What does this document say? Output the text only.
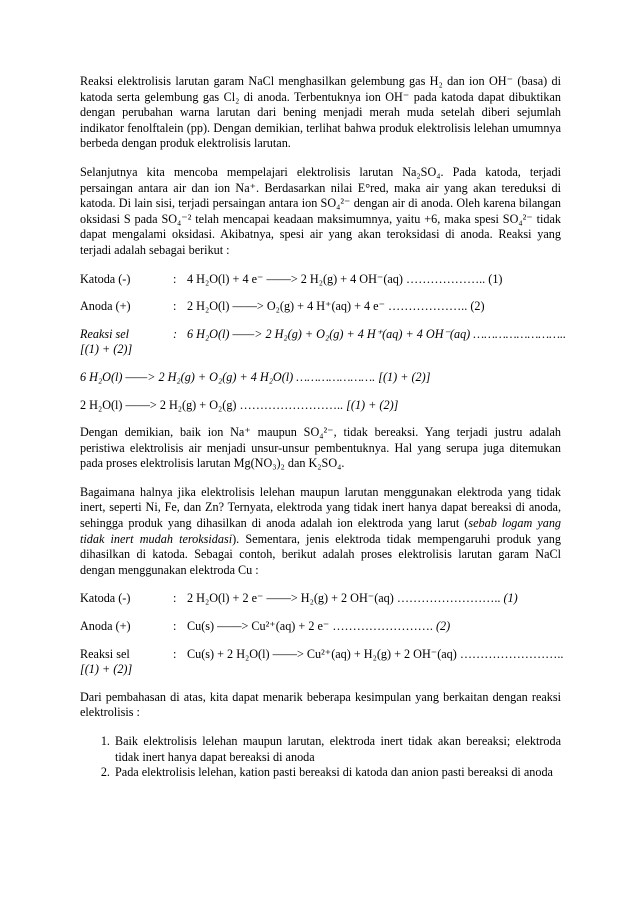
Reaksi elektrolisis larutan garam NaCl menghasilkan gelembung gas H₂ dan ion OH⁻ (basa) di katoda serta gelembung gas Cl₂ di anoda. Terbentuknya ion OH⁻ pada katoda dapat dibuktikan dengan perubahan warna larutan dari bening menjadi merah muda setelah diberi sejumlah indikator fenolftalein (pp). Dengan demikian, terlihat bahwa produk elektrolisis lelehan umumnya berbeda dengan produk elektrolisis larutan.

Selanjutnya kita mencoba mempelajari elektrolisis larutan Na₂SO₄. Pada katoda, terjadi persaingan antara air dan ion Na⁺. Berdasarkan nilai E°red, maka air yang akan tereduksi di katoda. Di lain sisi, terjadi persaingan antara ion SO₄²⁻ dengan air di anoda. Oleh karena bilangan oksidasi S pada SO₄⁻² telah mencapai keadaan maksimumnya, yaitu +6, maka spesi SO₄²⁻ tidak dapat mengalami oksidasi. Akibatnya, spesi air yang akan teroksidasi di anoda. Reaksi yang terjadi adalah sebagai berikut :

Katoda (-)	: 4 H₂O(l) + 4 e⁻ ——> 2 H₂(g) + 4 OH⁻(aq) ……………….. (1)
Anoda (+)	: 2 H₂O(l) ——> O₂(g) + 4 H⁺(aq) + 4 e⁻ ……………….. (2)
Reaksi sel	: 6 H₂O(l) ——> 2 H₂(g) + O₂(g) + 4 H⁺(aq) + 4 OH⁻(aq) ……………………..
[(1) + (2)]
6 H₂O(l) ——> 2 H₂(g) + O₂(g) + 4 H₂O(l) …………………. [(1) + (2)]
2 H₂O(l) ——> 2 H₂(g) + O₂(g) …………………….. [(1) + (2)]

Dengan demikian, baik ion Na⁺ maupun SO₄²⁻, tidak bereaksi. Yang terjadi justru adalah peristiwa elektrolisis air menjadi unsur-unsur pembentuknya. Hal yang serupa juga ditemukan pada proses elektrolisis larutan Mg(NO₃)₂ dan K₂SO₄.

Bagaimana halnya jika elektrolisis lelehan maupun larutan menggunakan elektroda yang tidak inert, seperti Ni, Fe, dan Zn? Ternyata, elektroda yang tidak inert hanya dapat bereaksi di anoda, sehingga produk yang dihasilkan di anoda adalah ion elektroda yang larut (sebab logam yang tidak inert mudah teroksidasi). Sementara, jenis elektroda tidak mempengaruhi produk yang dihasilkan di katoda. Sebagai contoh, berikut adalah proses elektrolisis larutan garam NaCl dengan menggunakan elektroda Cu :

Katoda (-)	: 2 H₂O(l) + 2 e⁻ ——> H₂(g) + 2 OH⁻(aq) …………………….. (1)
Anoda (+)	: Cu(s) ——> Cu²⁺(aq) + 2 e⁻ ……………………. (2)
Reaksi sel	: Cu(s) + 2 H₂O(l) ——> Cu²⁺(aq) + H₂(g) + 2 OH⁻(aq) ……………………..
[(1) + (2)]

Dari pembahasan di atas, kita dapat menarik beberapa kesimpulan yang berkaitan dengan reaksi elektrolisis :

1. Baik elektrolisis lelehan maupun larutan, elektroda inert tidak akan bereaksi; elektroda tidak inert hanya dapat bereaksi di anoda
2. Pada elektrolisis lelehan, kation pasti bereaksi di katoda dan anion pasti bereaksi di anoda
